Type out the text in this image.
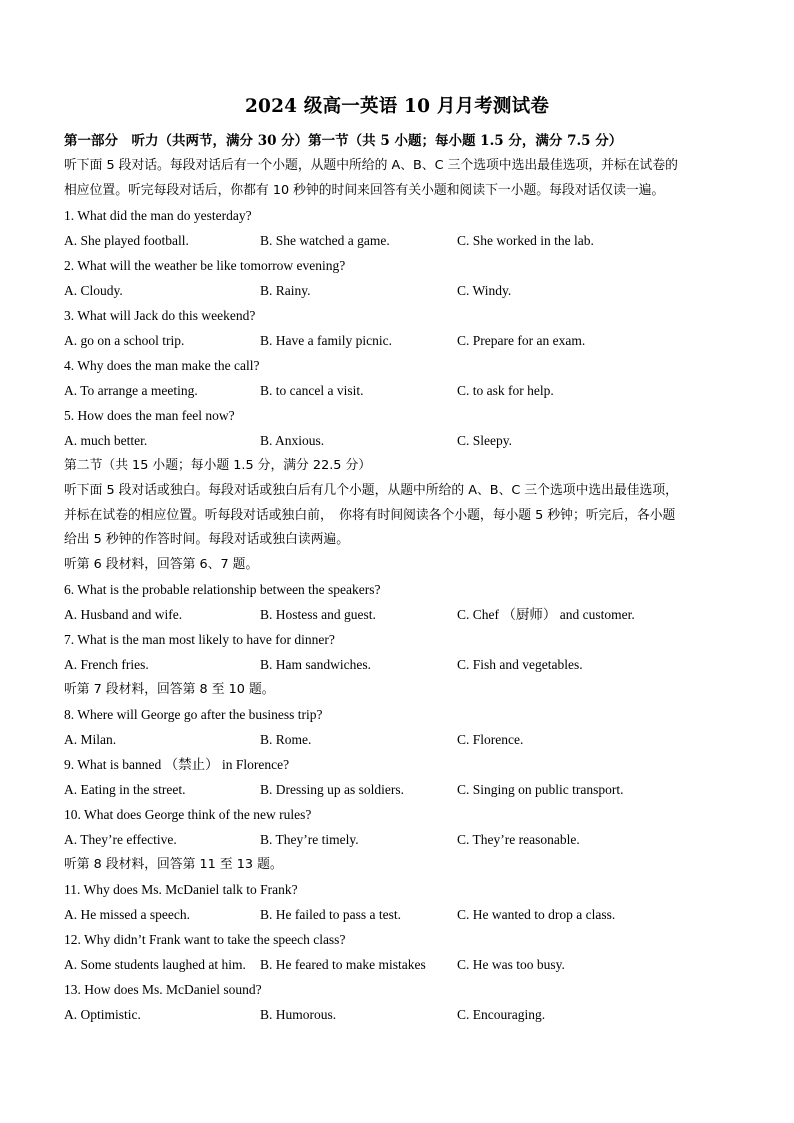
2024 级高一英语 10 月月考测试卷
第一部分　听力（共两节，满分 30 分）第一节（共 5 小题；每小题 1.5 分，满分 7.5 分）
听下面 5 段对话。每段对话后有一个小题，从题中所给的 A、B、C 三个选项中选出最佳选项，并标在试卷的
相应位置。听完每段对话后，你都有 10 秒钟的时间来回答有关小题和阅读下一小题。每段对话仅读一遍。
1. What did the man do yesterday?
A. She played football.	B. She watched a game.	C. She worked in the lab.
2. What will the weather be like tomorrow evening?
A. Cloudy.	B. Rainy.	C. Windy.
3. What will Jack do this weekend?
A. go on a school trip.	B. Have a family picnic.	C. Prepare for an exam.
4. Why does the man make the call?
A. To arrange a meeting.	B. to cancel a visit.	C. to ask for help.
5. How does the man feel now?
A. much better.	B. Anxious.	C. Sleepy.
第二节（共 15 小题；每小题 1.5 分，满分 22.5 分）
听下面 5 段对话或独白。每段对话或独白后有几个小题，从题中所给的 A、B、C 三个选项中选出最佳选项，
并标在试卷的相应位置。听每段对话或独白前，　你将有时间阅读各个小题，每小题 5 秒钟；听完后，各小题
给出 5 秒钟的作答时间。每段对话或独白读两遍。
听第 6 段材料，回答第 6、7 题。
6. What is the probable relationship between the speakers?
A. Husband and wife.	B. Hostess and guest.	C. Chef （厨师） and customer.
7. What is the man most likely to have for dinner?
A. French fries.	B. Ham sandwiches.	C. Fish and vegetables.
听第 7 段材料，回答第 8 至 10 题。
8. Where will George go after the business trip?
A. Milan.	B. Rome.	C. Florence.
9. What is banned （禁止） in Florence?
A. Eating in the street.	B. Dressing up as soldiers.	C. Singing on public transport.
10. What does George think of the new rules?
A. They’re effective.	B. They’re timely.	C. They’re reasonable.
听第 8 段材料，回答第 11 至 13 题。
11. Why does Ms. McDaniel talk to Frank?
A. He missed a speech.	B. He failed to pass a test.	C. He wanted to drop a class.
12. Why didn’t Frank want to take the speech class?
A. Some students laughed at him. B. He feared to make mistakes C. He was too busy.
13. How does Ms. McDaniel sound?
A. Optimistic.	B. Humorous.	C. Encouraging.
